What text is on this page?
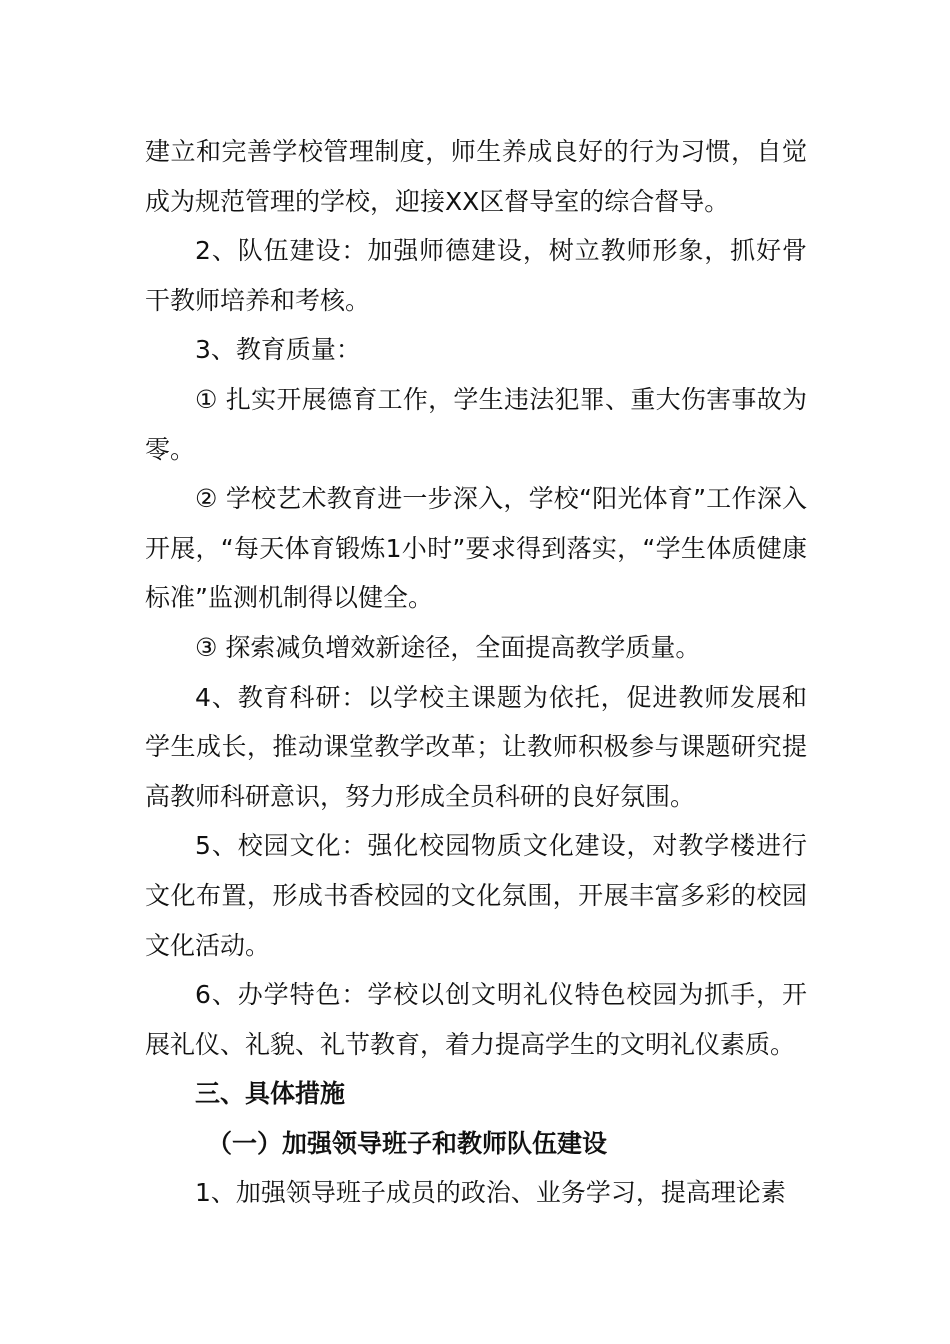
建立和完善学校管理制度，师生养成良好的行为习惯，自觉成为规范管理的学校，迎接XX区督导室的综合督导。

2、队伍建设：加强师德建设，树立教师形象，抓好骨干教师培养和考核。

3、教育质量：

① 扎实开展德育工作，学生违法犯罪、重大伤害事故为零。

② 学校艺术教育进一步深入，学校“阳光体育”工作深入开展，“每天体育锻炼1小时”要求得到落实，“学生体质健康标准”监测机制得以健全。

③ 探索减负增效新途径，全面提高教学质量。

4、教育科研：以学校主课题为依托，促进教师发展和学生成长，推动课堂教学改革；让教师积极参与课题研究提高教师科研意识，努力形成全员科研的良好氛围。

5、校园文化：强化校园物质文化建设，对教学楼进行文化布置，形成书香校园的文化氛围，开展丰富多彩的校园文化活动。

6、办学特色：学校以创文明礼仪特色校园为抓手，开展礼仪、礼貌、礼节教育，着力提高学生的文明礼仪素质。

三、具体措施

（一）加强领导班子和教师队伍建设

1、加强领导班子成员的政治、业务学习，提高理论素
